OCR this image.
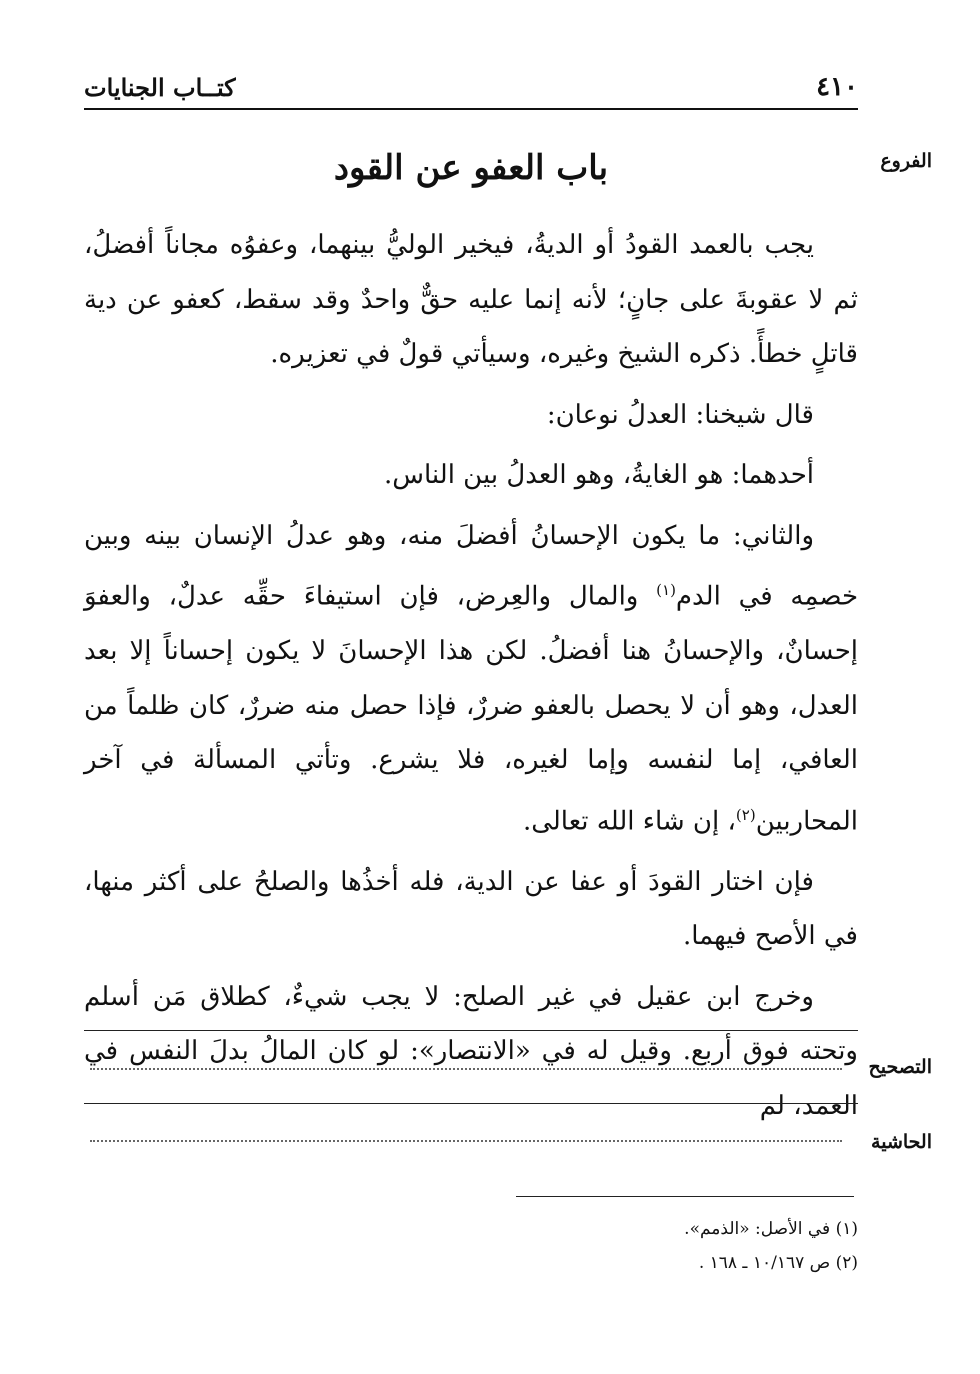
٤١٠
كتــاب الجنايات
الفروع
باب العفو عن القود

يجب بالعمد القودُ أو الديةُ، فيخير الوليُّ بينهما، وعفوُه مجاناً أفضلُ، ثم لا عقوبةَ على جانٍ؛ لأنه إنما عليه حقٌّ واحدٌ وقد سقط، كعفو عن دية قاتلٍ خطأً. ذكره الشيخ وغيره، وسيأتي قولٌ في تعزيره.

قال شيخنا: العدلُ نوعان:

أحدهما: هو الغايةُ، وهو العدلُ بين الناس.

والثاني: ما يكون الإحسانُ أفضلَ منه، وهو عدلُ الإنسان بينه وبين خصمِه في الدم$^{(١)}$ والمال والعِرض، فإن استيفاءَ حقِّه عدلٌ، والعفوَ إحسانٌ، والإحسانُ هنا أفضلُ. لكن هذا الإحسانَ لا يكون إحساناً إلا بعد العدل، وهو أن لا يحصل بالعفو ضررٌ، فإذا حصل منه ضررٌ، كان ظلماً من العافي، إما لنفسه وإما لغيره، فلا يشرع. وتأتي المسألة في آخر المحاربين$^{(٢)}$، إن شاء الله تعالى.

فإن اختار القودَ أو عفا عن الدية، فله أخذُها والصلحُ على أكثر منها، في الأصح فيهما.

وخرج ابن عقيل في غير الصلح: لا يجب شيءٌ، كطلاق مَن أسلم وتحته فوق أربع. وقيل له في «الانتصار»: لو كان المالُ بدلَ النفس في العمد، لم

التصحيح
الحاشية
(١) في الأصل: «الذمم».
(٢) ص ١٠/١٦٧ ـ ١٦٨ .
